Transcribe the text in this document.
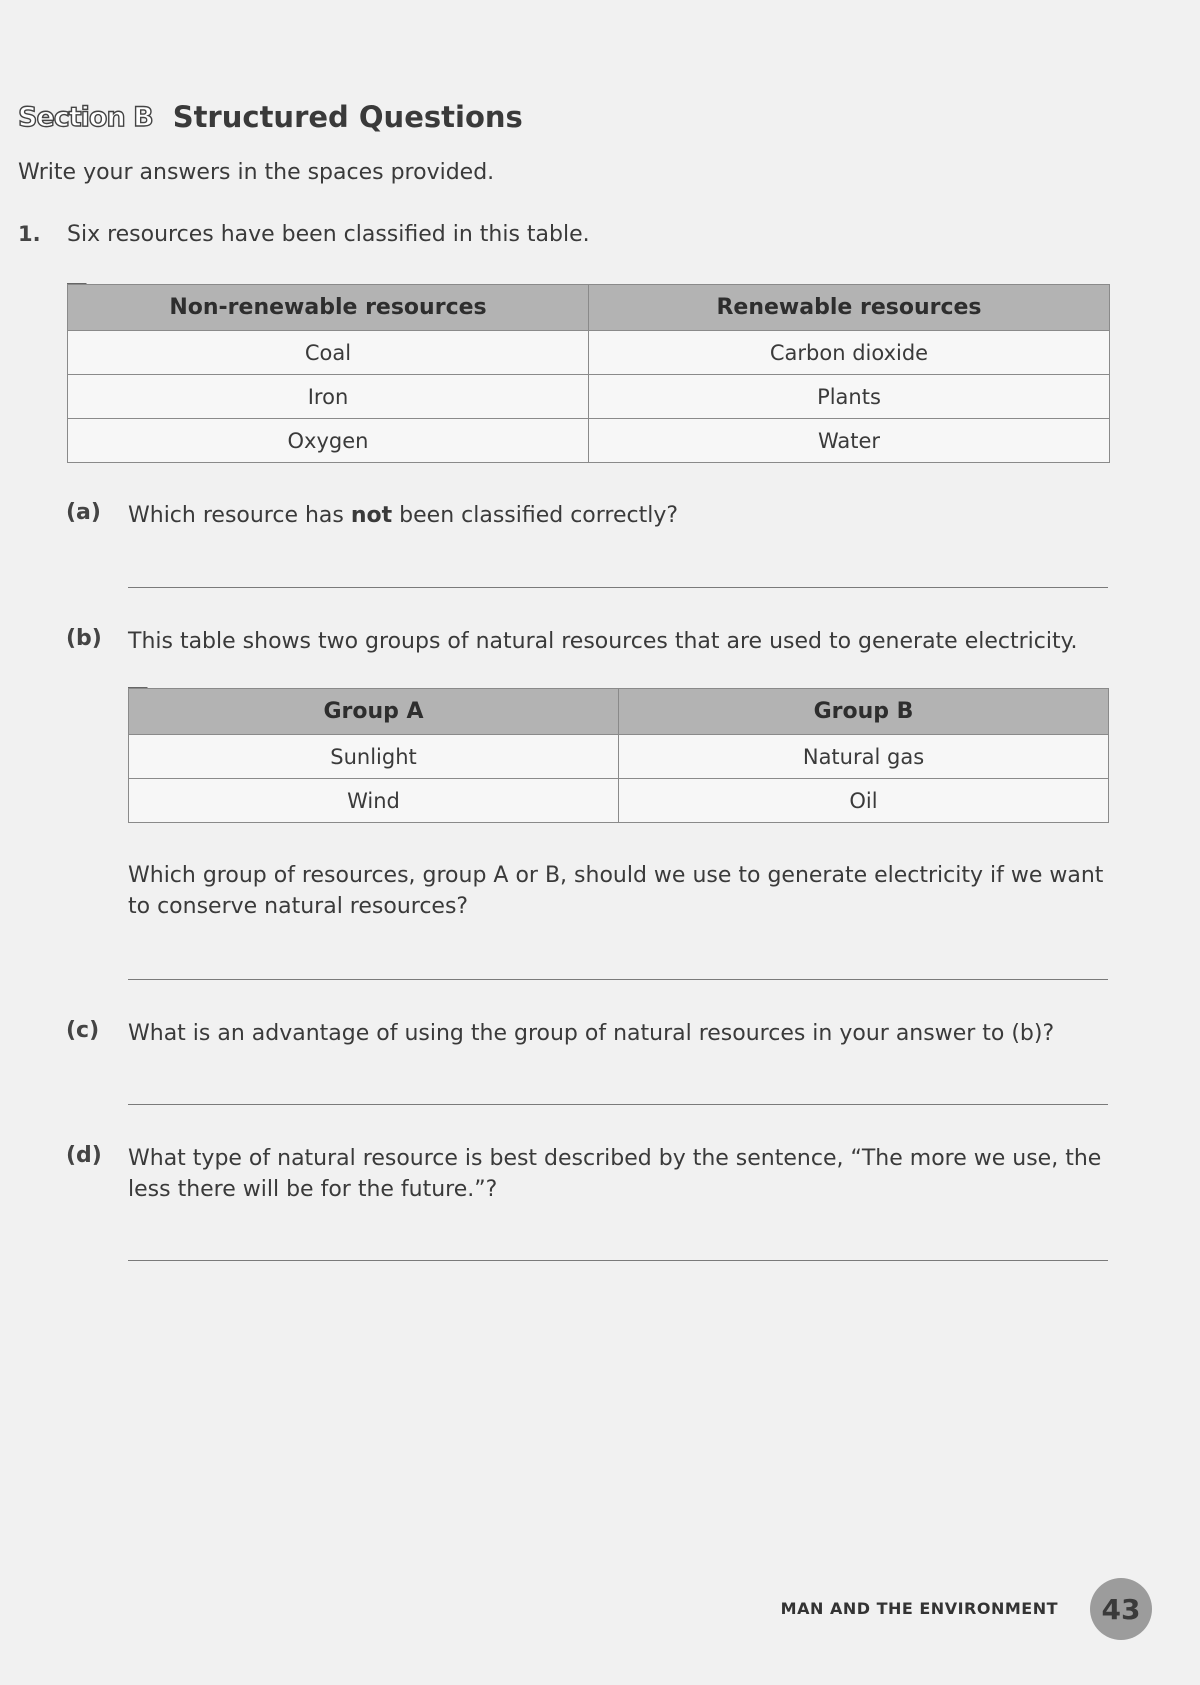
Section B Structured Questions
Write your answers in the spaces provided.
1. Six resources have been classified in this table.
Non-renewable resources	Renewable resources
Coal	Carbon dioxide
Iron	Plants
Oxygen	Water
(a) Which resource has not been classified correctly?
(b) This table shows two groups of natural resources that are used to generate electricity.
Group A	Group B
Sunlight	Natural gas
Wind	Oil
Which group of resources, group A or B, should we use to generate electricity if we want to conserve natural resources?
(c) What is an advantage of using the group of natural resources in your answer to (b)?
(d) What type of natural resource is best described by the sentence, “The more we use, the less there will be for the future.”?
MAN AND THE ENVIRONMENT	43
